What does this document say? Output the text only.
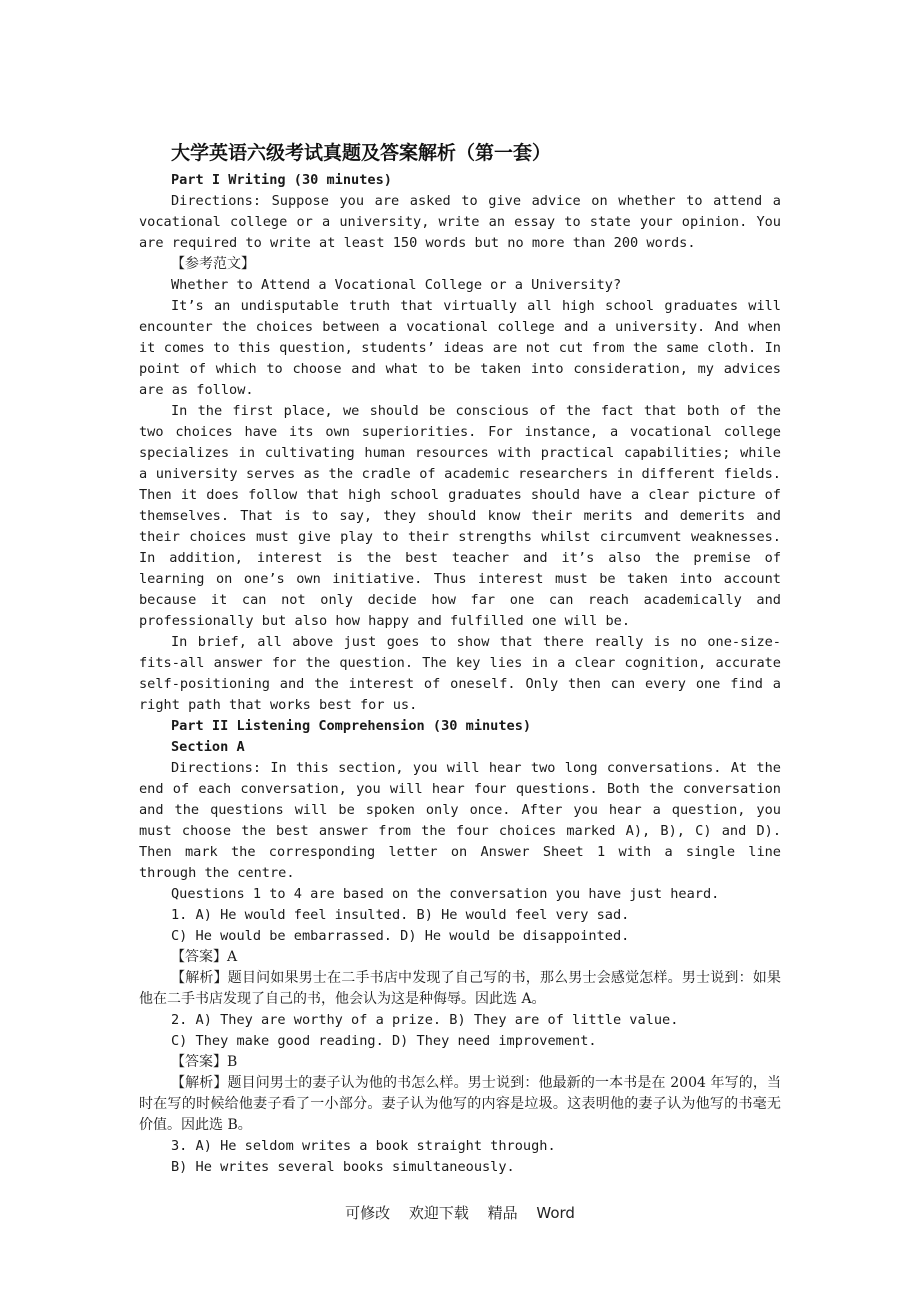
大学英语六级考试真题及答案解析（第一套）

Part I Writing (30 minutes)

Directions: Suppose you are asked to give advice on whether to attend a vocational college or a university, write an essay to state your opinion. You are required to write at least 150 words but no more than 200 words.

【参考范文】

Whether to Attend a Vocational College or a University?

It’s an undisputable truth that virtually all high school graduates will encounter the choices between a vocational college and a university. And when it comes to this question, students’ ideas are not cut from the same cloth. In point of which to choose and what to be taken into consideration, my advices are as follow.

In the first place, we should be conscious of the fact that both of the two choices have its own superiorities. For instance, a vocational college specializes in cultivating human resources with practical capabilities; while a university serves as the cradle of academic researchers in different fields. Then it does follow that high school graduates should have a clear picture of themselves. That is to say, they should know their merits and demerits and their choices must give play to their strengths whilst circumvent weaknesses. In addition, interest is the best teacher and it’s also the premise of learning on one’s own initiative. Thus interest must be taken into account because it can not only decide how far one can reach academically and professionally but also how happy and fulfilled one will be.

In brief, all above just goes to show that there really is no one-size-fits-all answer for the question. The key lies in a clear cognition, accurate self-positioning and the interest of oneself. Only then can every one find a right path that works best for us.

Part II Listening Comprehension (30 minutes)

Section A

Directions: In this section, you will hear two long conversations. At the end of each conversation, you will hear four questions. Both the conversation and the questions will be spoken only once. After you hear a question, you must choose the best answer from the four choices marked A), B), C) and D). Then mark the corresponding letter on Answer Sheet 1 with a single line through the centre.

Questions 1 to 4 are based on the conversation you have just heard.

1. A) He would feel insulted. B) He would feel very sad.

C) He would be embarrassed. D) He would be disappointed.

【答案】A

【解析】题目问如果男士在二手书店中发现了自己写的书，那么男士会感觉怎样。男士说到：如果他在二手书店发现了自己的书，他会认为这是种侮辱。因此选 A。

2. A) They are worthy of a prize. B) They are of little value.

C) They make good reading. D) They need improvement.

【答案】B

【解析】题目问男士的妻子认为他的书怎么样。男士说到：他最新的一本书是在 2004 年写的，当时在写的时候给他妻子看了一小部分。妻子认为他写的内容是垃圾。这表明他的妻子认为他写的书毫无价值。因此选 B。

3. A) He seldom writes a book straight through.

B) He writes several books simultaneously.

可修改 欢迎下载 精品 Word
